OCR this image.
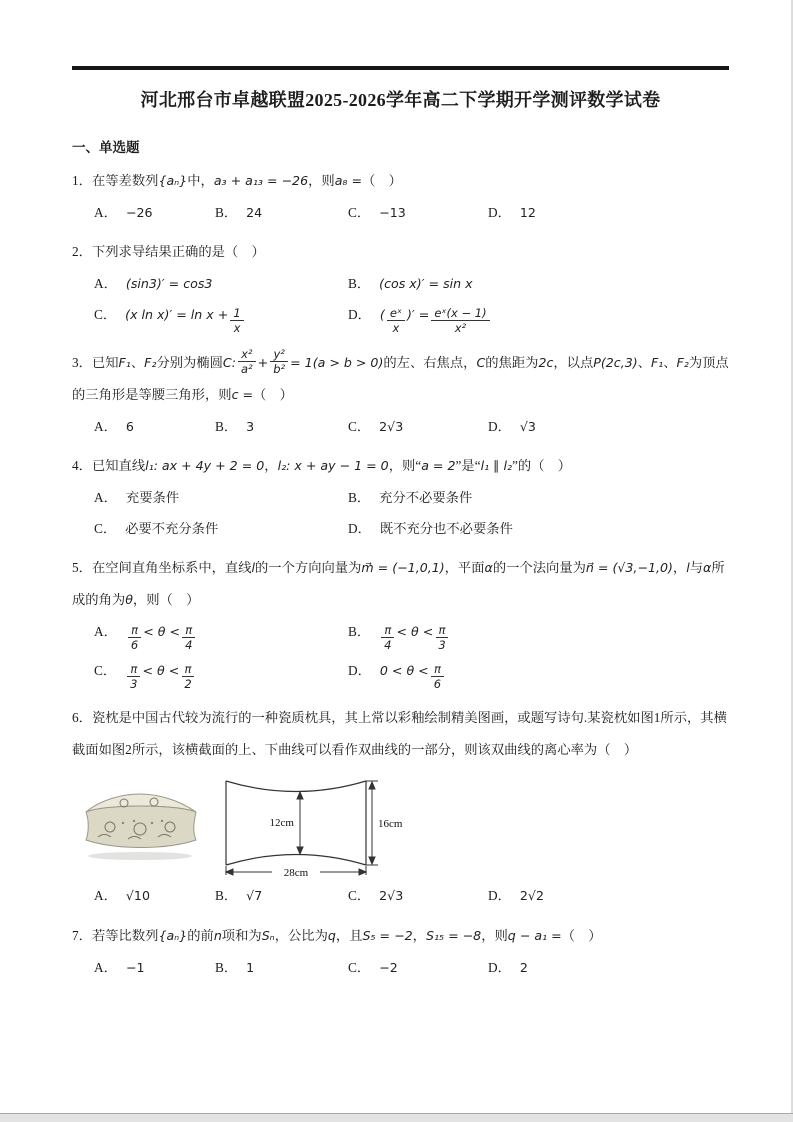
河北邢台市卓越联盟2025-2026学年高二下学期开学测评数学试卷
一、单选题

1．在等差数列{aₙ}中，a₃ + a₁₃ = −26，则a₈ =（　）

A． −26	B． 24	C． −13	D． 12

2．下列求导结果正确的是（　）

A． (sin3)′ = cos3	B． (cos x)′ = sin x
C． (x $\ln x)' = \ln x + \frac{1}{x}$	D． ( $\frac{\text{eˣ}}{x}$ )′ = $\frac{\text{eˣ(x − 1)}}{\text{x²}}$

3．已知F₁、F₂分别为椭圆C: $\frac{\text{x²}}{\text{a²}} + \frac{\text{y²}}{\text{b²}} = 1(a > b > 0)$的左、右焦点，C的焦距为2c，以点P(2c,3)、F₁、F₂为顶点的三角形是等腰三角形，则c =（　）

A． 6	B． 3	C． 2√3	D． √3

4．已知直线l₁: ax + 4y + 2 = 0，l₂: x + ay − 1 = 0，则“a = 2”是“l₁ ∥ l₂”的（　）

A． 充要条件	B． 充分不必要条件
C． 必要不充分条件	D． 既不充分也不必要条件

5．在空间直角坐标系中，直线l的一个方向向量为m⃗ = (−1,0,1)，平面α的一个法向量为n⃗ = (√3,−1,0)，l与α所成的角为θ，则（　）

A． $\frac{\pi}{6} < \theta < \frac{\pi}{4}$	B． $\frac{\pi}{4} < \theta < \frac{\pi}{3}$
C． $\frac{\pi}{3} < \theta < \frac{\pi}{2}$	D． $0 < \theta < \frac{\pi}{6}$

6．瓷枕是中国古代较为流行的一种瓷质枕具，其上常以彩釉绘制精美图画，或题写诗句.某瓷枕如图1所示，其横截面如图2所示，该横截面的上、下曲线可以看作双曲线的一部分，则该双曲线的离心率为（　）

12cm	16cm
28cm
A． √10	B． √7	C． 2√3	D． 2√2

7．若等比数列{aₙ}的前n项和为Sₙ，公比为q，且S₅ = −2，S₁₅ = −8，则q − a₁ =（　）

A． −1	B． 1	C． −2	D． 2
